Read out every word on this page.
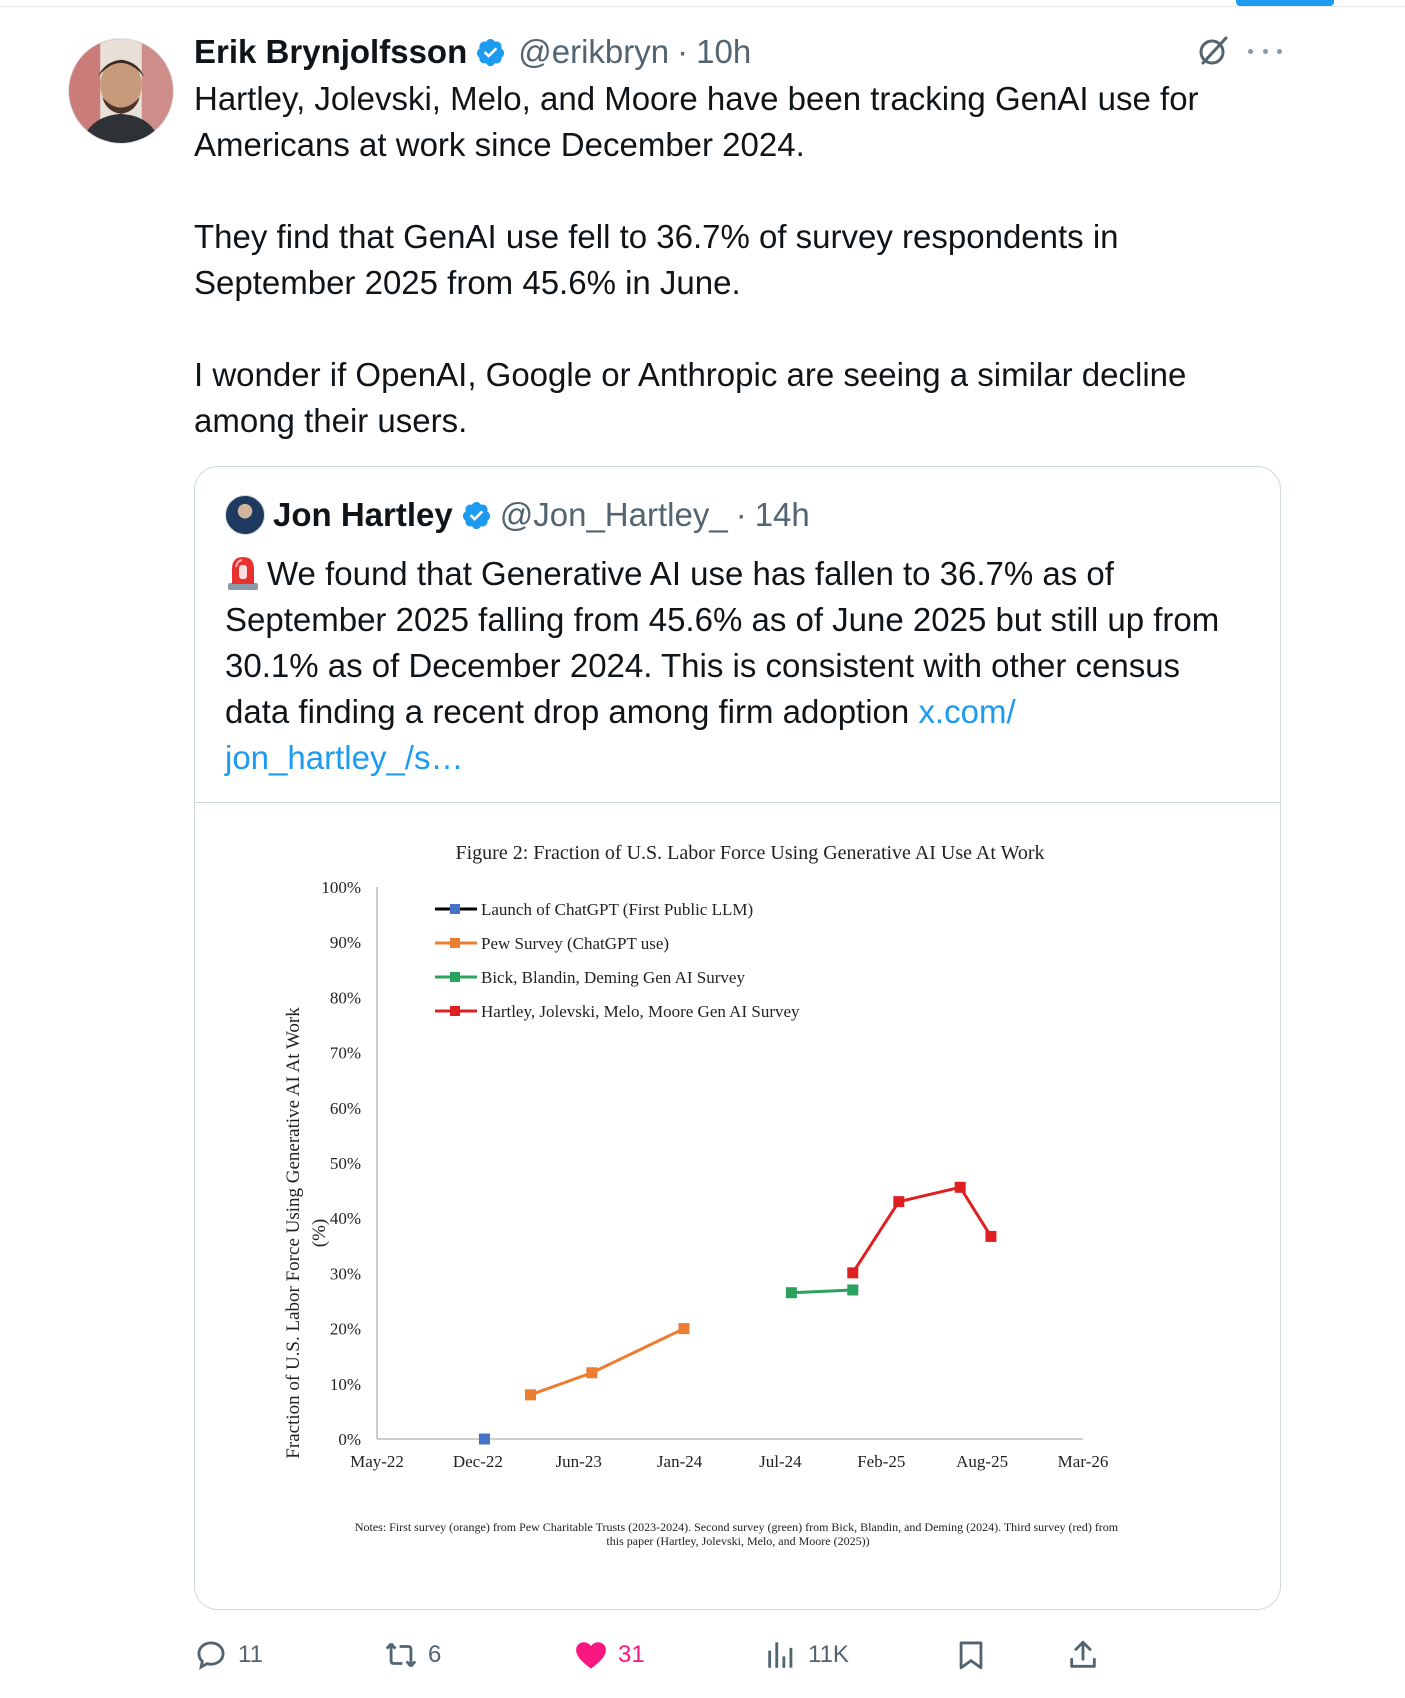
Erik Brynjolfsson @erikbryn · 10h

Hartley, Jolevski, Melo, and Moore have been tracking GenAI use for Americans at work since December 2024.

They find that GenAI use fell to 36.7% of survey respondents in September 2025 from 45.6% in June.

I wonder if OpenAI, Google or Anthropic are seeing a similar decline among their users.

Jon Hartley @Jon_Hartley_ · 14h
We found that Generative AI use has fallen to 36.7% as of September 2025 falling from 45.6% as of June 2025 but still up from 30.1% as of December 2024. This is consistent with other census data finding a recent drop among firm adoption x.com/ jon_hartley_/s…
Figure 2: Fraction of U.S. Labor Force Using Generative AI Use At Work
Fraction of U.S. Labor Force Using Generative AI At Work (%)
0%
10%
20%
30%
40%
50%
60%
70%
80%
90%
100%
May-22	Dec-22	Jun-23	Jan-24	Jul-24	Feb-25	Aug-25	Mar-26
Launch of ChatGPT (First Public LLM)
Pew Survey (ChatGPT use)
Bick, Blandin, Deming Gen AI Survey
Hartley, Jolevski, Melo, Moore Gen AI Survey
Notes: First survey (orange) from Pew Charitable Trusts (2023-2024). Second survey (green) from Bick, Blandin, and Deming (2024). Third survey (red) from this paper (Hartley, Jolevski, Melo, and Moore (2025))
11	6	31	11K
